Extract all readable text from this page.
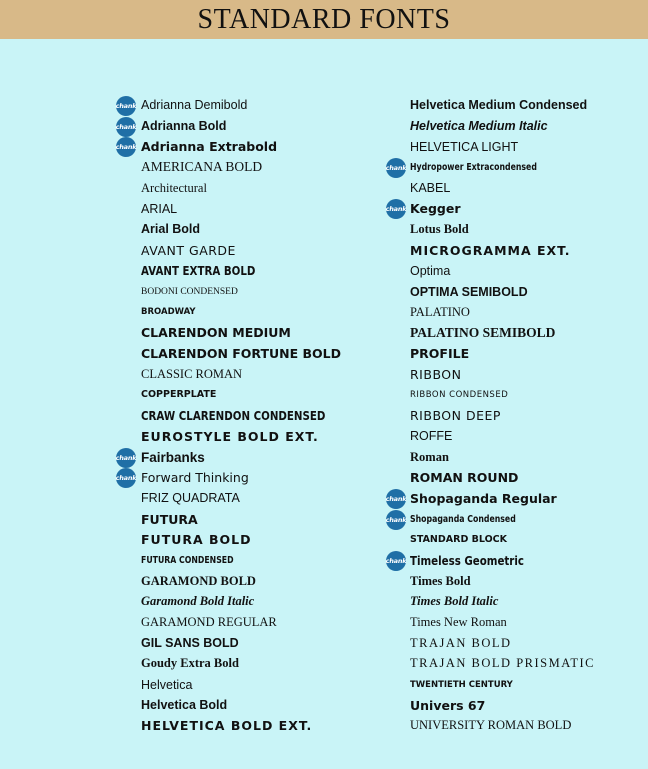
STANDARD FONTS
chank Adrianna Demibold
chank Adrianna Bold
chank Adrianna Extrabold
AMERICANA BOLD
Architectural
ARIAL
Arial Bold
AVANT GARDE
AVANT EXTRA BOLD
BODONI CONDENSED
BROADWAY
CLARENDON MEDIUM
CLARENDON FORTUNE BOLD
CLASSIC ROMAN
COPPERPLATE
CRAW CLARENDON CONDENSED
EUROSTYLE BOLD EXT.
chank Fairbanks
chank Forward Thinking
FRIZ QUADRATA
FUTURA
FUTURA BOLD
FUTURA CONDENSED
GARAMOND BOLD
Garamond Bold Italic
GARAMOND REGULAR
GIL SANS BOLD
Goudy Extra Bold
Helvetica
Helvetica Bold
HELVETICA BOLD EXT.
Helvetica Medium Condensed
Helvetica Medium Italic
HELVETICA LIGHT
chank Hydropower Extracondensed
KABEL
chank Kegger
Lotus Bold
MICROGRAMMA EXT.
Optima
OPTIMA SEMIBOLD
PALATINO
PALATINO SEMIBOLD
PROFILE
RIBBON
RIBBON CONDENSED
RIBBON DEEP
ROFFE
Roman
ROMAN ROUND
chank Shopaganda Regular
chank Shopaganda Condensed
STANDARD BLOCK
chank Timeless Geometric
Times Bold
Times Bold Italic
Times New Roman
TRAJAN BOLD
TRAJAN BOLD PRISMATIC
TWENTIETH CENTURY
Univers 67
UNIVERSITY ROMAN BOLD
